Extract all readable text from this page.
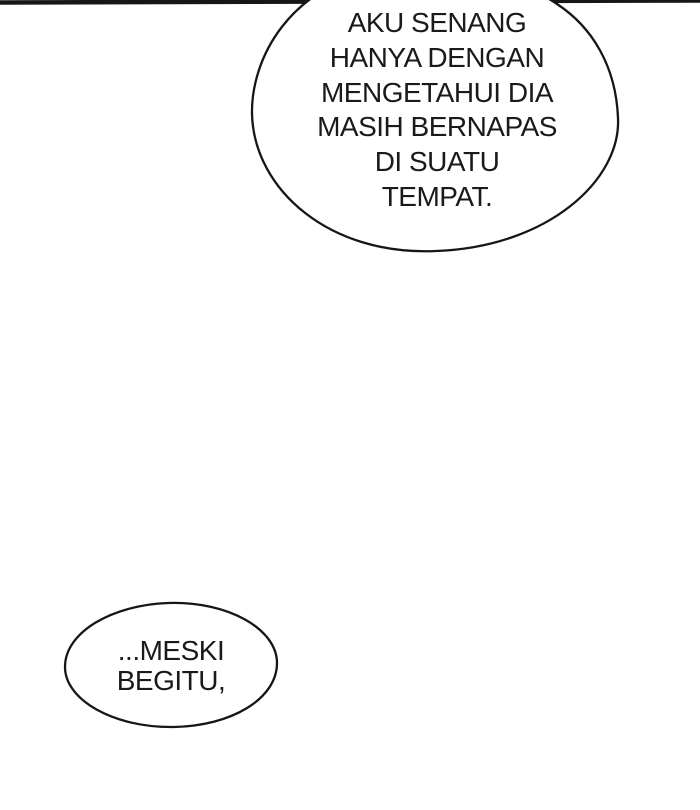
AKU SENANG
HANYA DENGAN
MENGETAHUI DIA
MASIH BERNAPAS
DI SUATU
TEMPAT.
...MESKI
BEGITU,
